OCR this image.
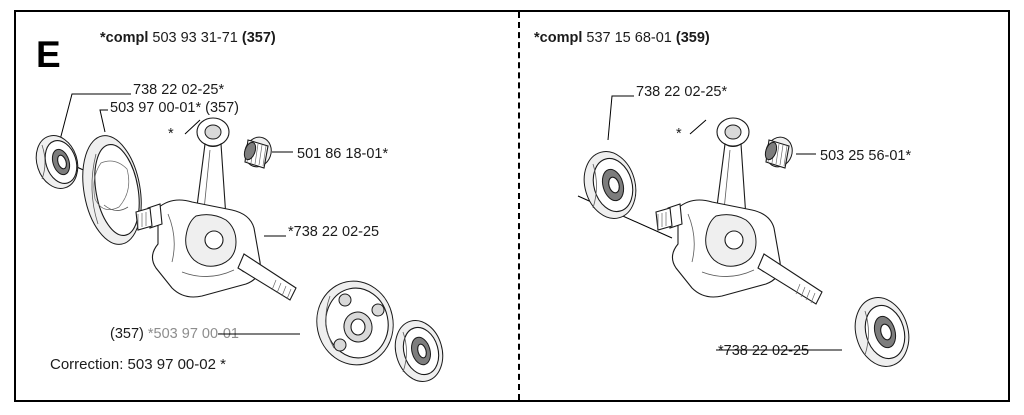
E	*compl 503 93 31-71 (357)
738 22 02-25*
503 97 00-01* (357)
*
501 86 18-01*
*738 22 02-25
(357) *503 97 00-01
Correction: 503 97 00-02 *
*compl 537 15 68-01 (359)
738 22 02-25*
*
503 25 56-01*
*738 22 02-25
